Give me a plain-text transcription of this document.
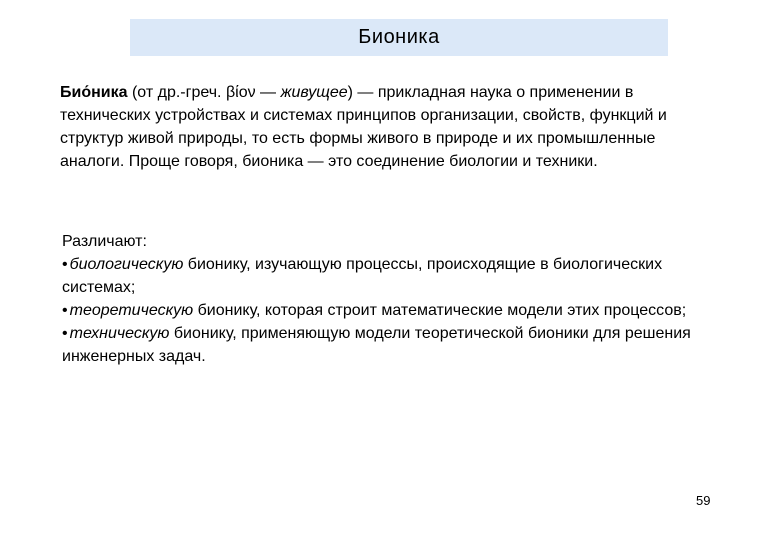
Бионика
Био́ника (от др.-греч. βίον — живущее) — прикладная наука о применении в технических устройствах и системах принципов организации, свойств, функций и структур живой природы, то есть формы живого в природе и их промышленные аналоги. Проще говоря, бионика — это соединение биологии и техники.
Различают:
• биологическую бионику, изучающую процессы, происходящие в биологических системах;
• теоретическую бионику, которая строит математические модели этих процессов;
• техническую бионику, применяющую модели теоретической бионики для решения инженерных задач.
59
